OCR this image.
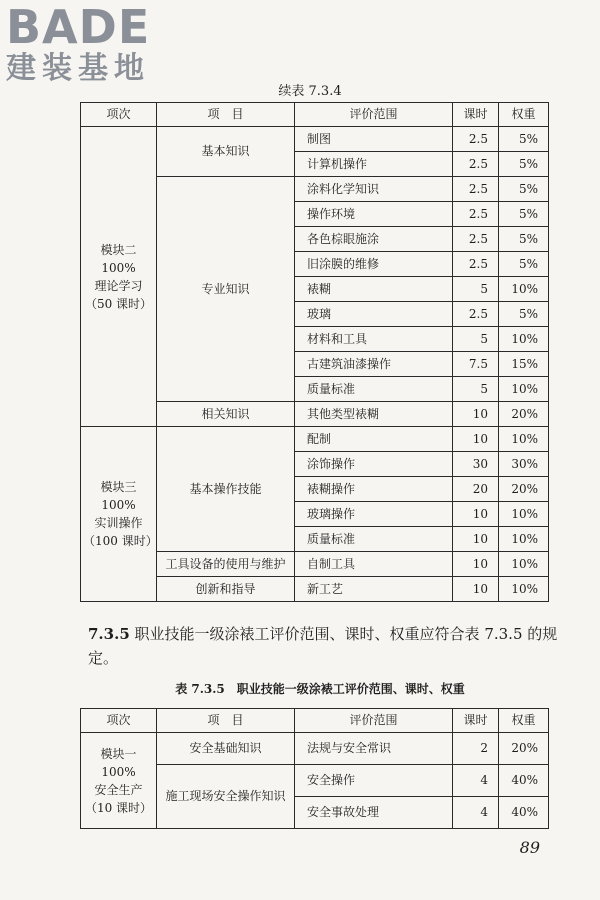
BADE
建装基地
续表 7.3.4
项次	项　目	评价范围	课时	权重

模块二 100%
理论学习
（50 课时）	基本知识	制图	2.5	5%
		计算机操作	2.5	5%
	专业知识	涂料化学知识	2.5	5%
		操作环境	2.5	5%
		各色棕眼施涂	2.5	5%
		旧涂膜的维修	2.5	5%
		裱糊	5	10%
		玻璃	2.5	5%
		材料和工具	5	10%
		古建筑油漆操作	7.5	15%
		质量标准	5	10%
	相关知识	其他类型裱糊	10	20%

模块三 100%
实训操作
（100 课时）	基本操作技能	配制	10	10%
		涂饰操作	30	30%
		裱糊操作	20	20%
		玻璃操作	10	10%
		质量标准	10	10%
	工具设备的使用与维护	自制工具	10	10%
	创新和指导	新工艺	10	10%
7.3.5 职业技能一级涂裱工评价范围、课时、权重应符合表 7.3.5 的规定。
表 7.3.5　职业技能一级涂裱工评价范围、课时、权重
项次	项　目	评价范围	课时	权重

模块一 100%
安全生产
（10 课时）	安全基础知识	法规与安全常识	2	20%
	施工现场安全操作知识	安全操作	4	40%
		安全事故处理	4	40%
89
